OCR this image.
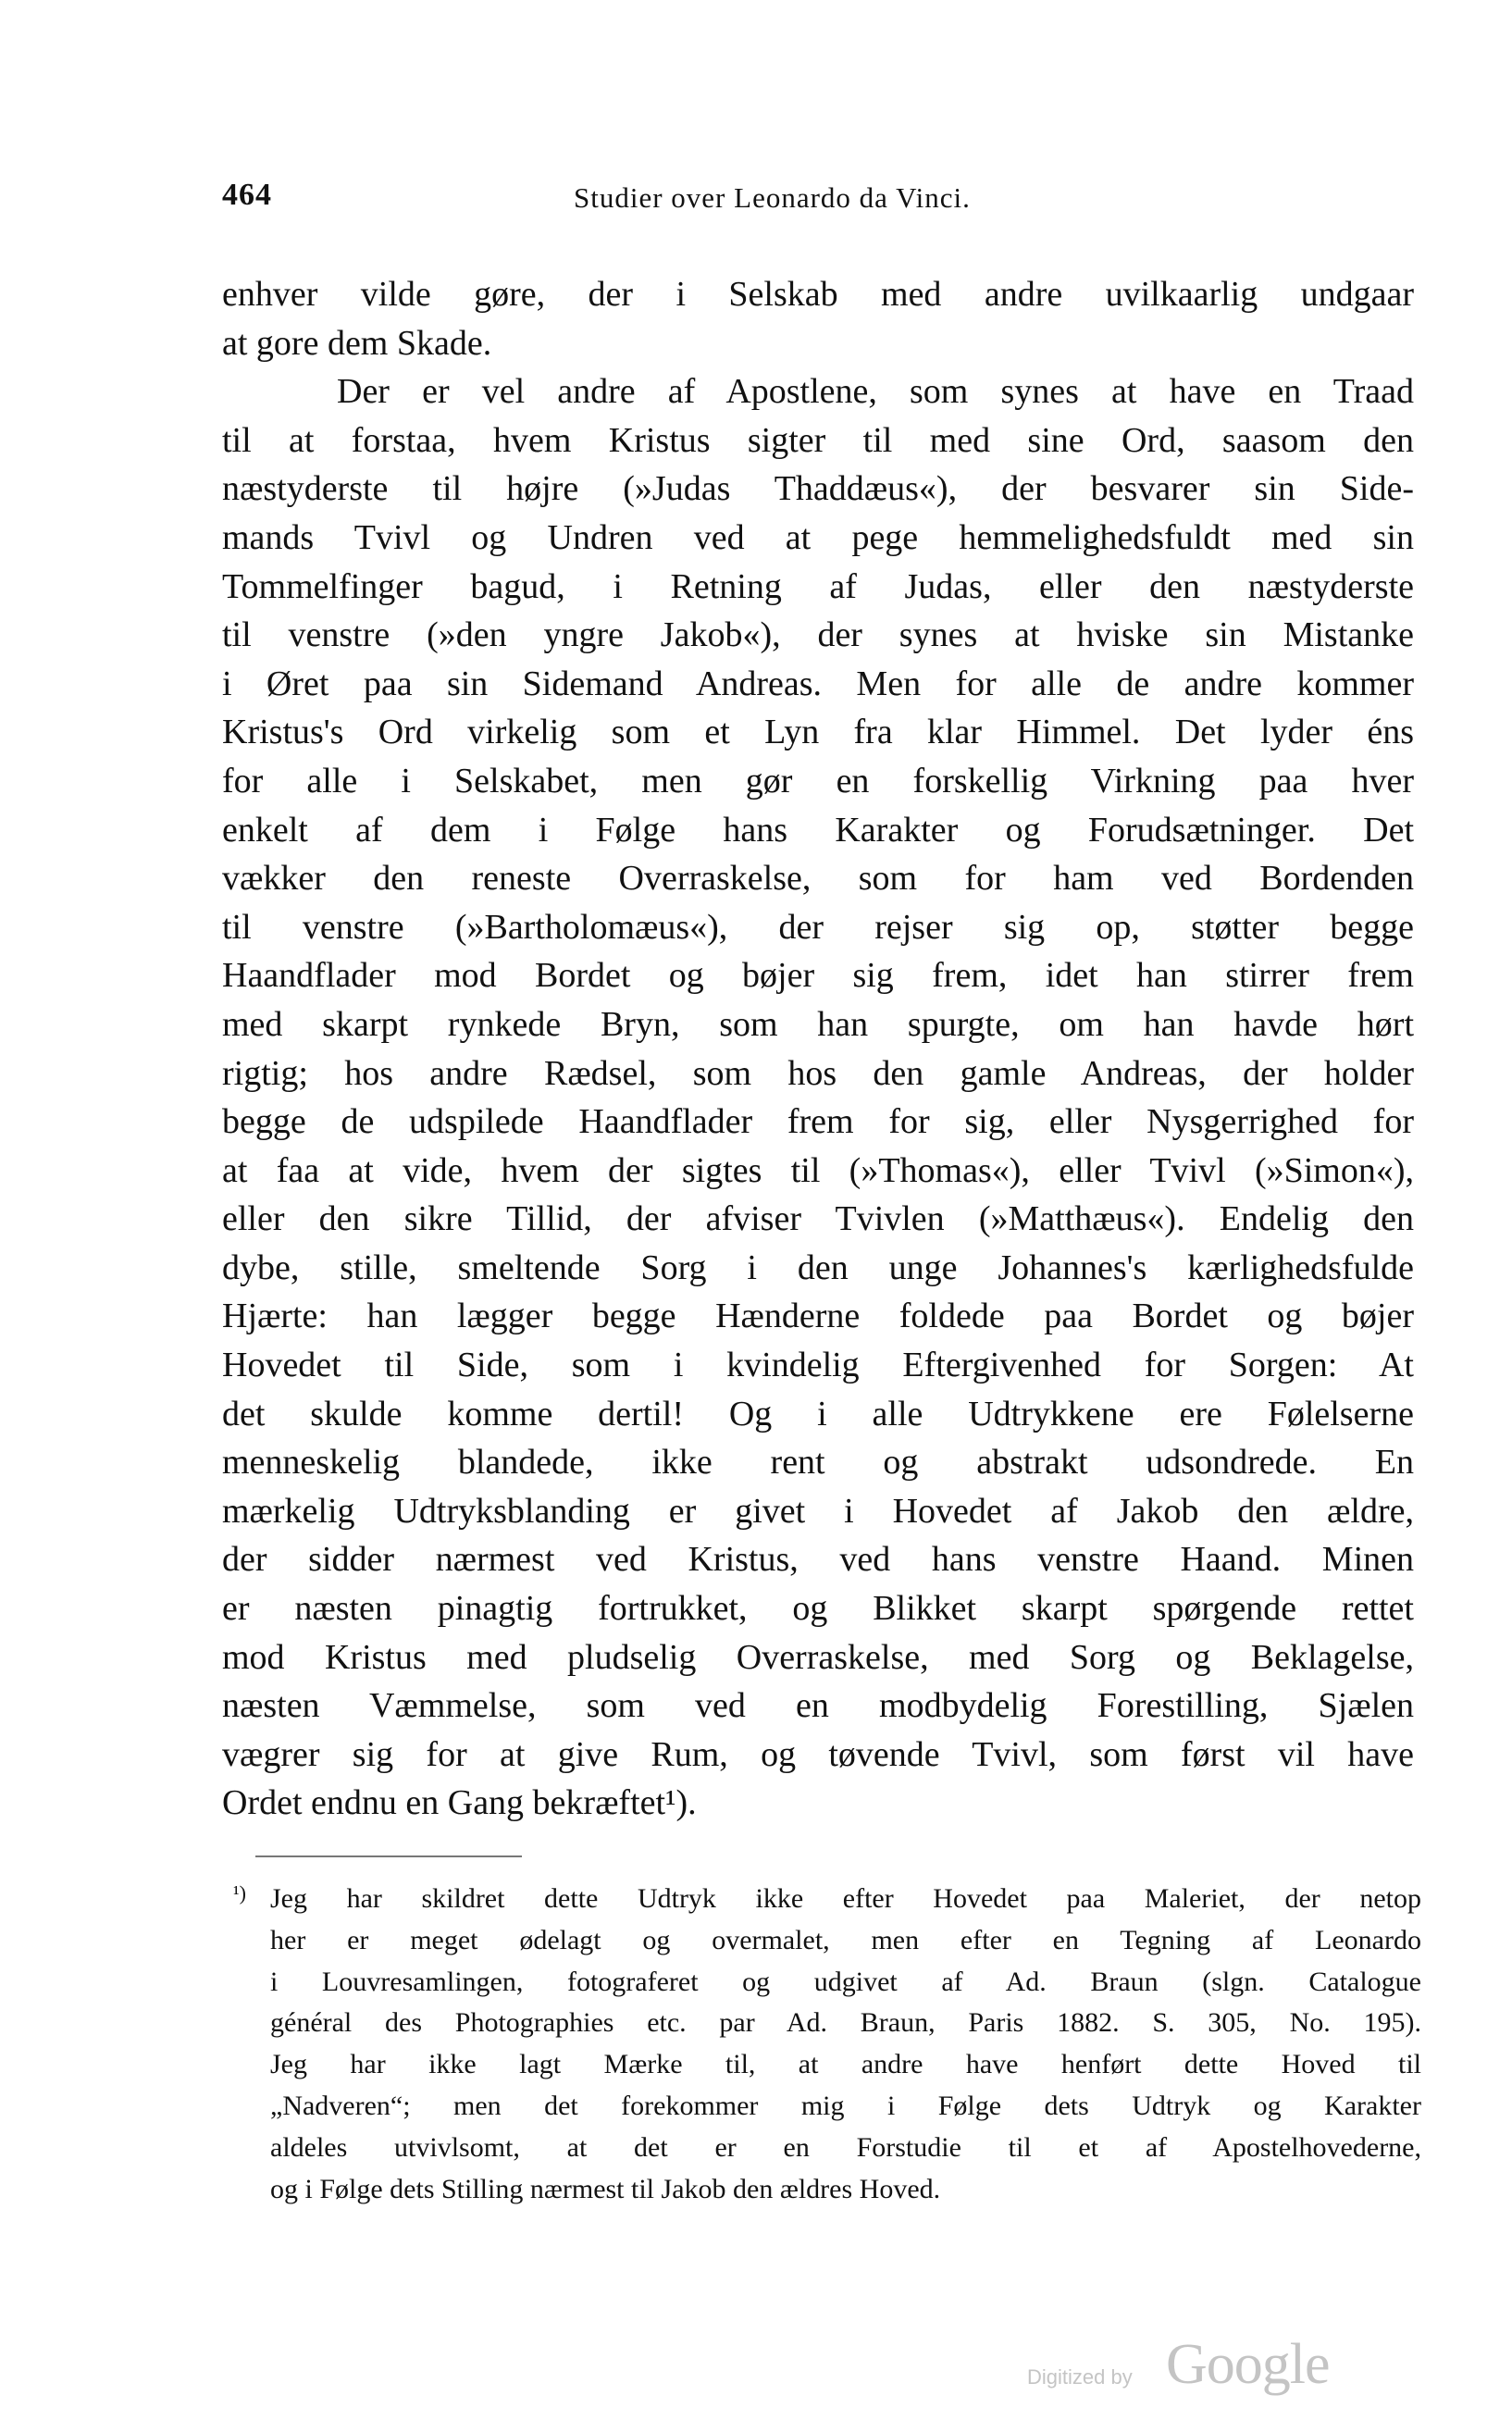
464	Studier over Leonardo da Vinci.
enhver vilde gøre, der i Selskab med andre uvilkaarlig undgaar
at gore dem Skade.
Der er vel andre af Apostlene, som synes at have en Traad
til at forstaa, hvem Kristus sigter til med sine Ord, saasom den
næstyderste til højre (»Judas Thaddæus«), der besvarer sin Side-
mands Tvivl og Undren ved at pege hemmelighedsfuldt med sin
Tommelfinger bagud, i Retning af Judas, eller den næstyderste
til venstre (»den yngre Jakob«), der synes at hviske sin Mistanke
i Øret paa sin Sidemand Andreas. Men for alle de andre kommer
Kristus's Ord virkelig som et Lyn fra klar Himmel. Det lyder éns
for alle i Selskabet, men gør en forskellig Virkning paa hver
enkelt af dem i Følge hans Karakter og Forudsætninger. Det
vækker den reneste Overraskelse, som for ham ved Bordenden
til venstre (»Bartholomæus«), der rejser sig op, støtter begge
Haandflader mod Bordet og bøjer sig frem, idet han stirrer frem
med skarpt rynkede Bryn, som han spurgte, om han havde hørt
rigtig; hos andre Rædsel, som hos den gamle Andreas, der holder
begge de udspilede Haandflader frem for sig, eller Nysgerrighed for
at faa at vide, hvem der sigtes til (»Thomas«), eller Tvivl (»Simon«),
eller den sikre Tillid, der afviser Tvivlen (»Matthæus«). Endelig den
dybe, stille, smeltende Sorg i den unge Johannes's kærlighedsfulde
Hjærte: han lægger begge Hænderne foldede paa Bordet og bøjer
Hovedet til Side, som i kvindelig Eftergivenhed for Sorgen: At
det skulde komme dertil! Og i alle Udtrykkene ere Følelserne
menneskelig blandede, ikke rent og abstrakt udsondrede. En
mærkelig Udtryksblanding er givet i Hovedet af Jakob den ældre,
der sidder nærmest ved Kristus, ved hans venstre Haand. Minen
er næsten pinagtig fortrukket, og Blikket skarpt spørgende rettet
mod Kristus med pludselig Overraskelse, med Sorg og Beklagelse,
næsten Væmmelse, som ved en modbydelig Forestilling, Sjælen
vægrer sig for at give Rum, og tøvende Tvivl, som først vil have
Ordet endnu en Gang bekræftet¹).
¹) Jeg har skildret dette Udtryk ikke efter Hovedet paa Maleriet, der netop
her er meget ødelagt og overmalet, men efter en Tegning af Leonardo
i Louvresamlingen, fotograferet og udgivet af Ad. Braun (slgn. Catalogue
général des Photographies etc. par Ad. Braun, Paris 1882. S. 305, No. 195).
Jeg har ikke lagt Mærke til, at andre have henført dette Hoved til
„Nadveren“; men det forekommer mig i Følge dets Udtryk og Karakter
aldeles utvivlsomt, at det er en Forstudie til et af Apostelhovederne,
og i Følge dets Stilling nærmest til Jakob den ældres Hoved.
Digitized by Google
